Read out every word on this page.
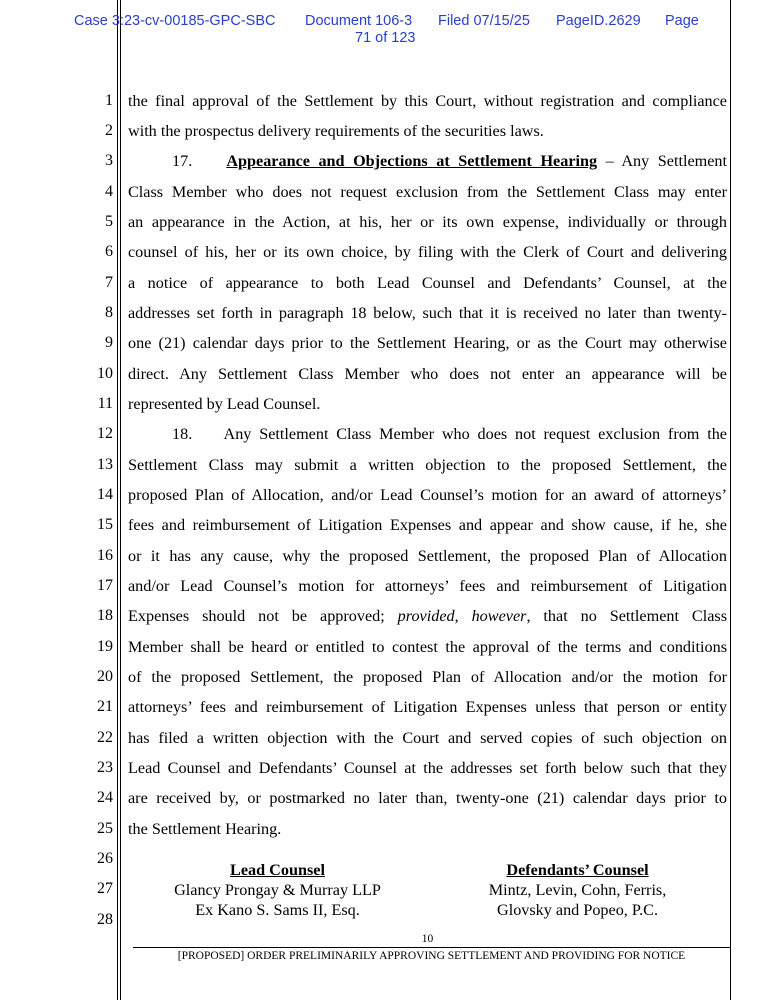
Case 3:23-cv-00185-GPC-SBC Document 106-3 Filed 07/15/25 PageID.2629 Page
71 of 123
1
2
3
4
5
6
7
8
9
10
11
12
13
14
15
16
17
18
19
20
21
22
23
24
25
26
27
28
the final approval of the Settlement by this Court, without registration and compliance
with the prospectus delivery requirements of the securities laws.
17. Appearance and Objections at Settlement Hearing – Any Settlement
Class Member who does not request exclusion from the Settlement Class may enter
an appearance in the Action, at his, her or its own expense, individually or through
counsel of his, her or its own choice, by filing with the Clerk of Court and delivering
a notice of appearance to both Lead Counsel and Defendants’ Counsel, at the
addresses set forth in paragraph 18 below, such that it is received no later than twenty-
one (21) calendar days prior to the Settlement Hearing, or as the Court may otherwise
direct. Any Settlement Class Member who does not enter an appearance will be
represented by Lead Counsel.
18. Any Settlement Class Member who does not request exclusion from the
Settlement Class may submit a written objection to the proposed Settlement, the
proposed Plan of Allocation, and/or Lead Counsel’s motion for an award of attorneys’
fees and reimbursement of Litigation Expenses and appear and show cause, if he, she
or it has any cause, why the proposed Settlement, the proposed Plan of Allocation
and/or Lead Counsel’s motion for attorneys’ fees and reimbursement of Litigation
Expenses should not be approved; provided, however, that no Settlement Class
Member shall be heard or entitled to contest the approval of the terms and conditions
of the proposed Settlement, the proposed Plan of Allocation and/or the motion for
attorneys’ fees and reimbursement of Litigation Expenses unless that person or entity
has filed a written objection with the Court and served copies of such objection on
Lead Counsel and Defendants’ Counsel at the addresses set forth below such that they
are received by, or postmarked no later than, twenty-one (21) calendar days prior to
the Settlement Hearing.
Lead Counsel
Glancy Prongay & Murray LLP
Ex Kano S. Sams II, Esq.
Defendants’ Counsel
Mintz, Levin, Cohn, Ferris,
Glovsky and Popeo, P.C.
10
[PROPOSED] ORDER PRELIMINARILY APPROVING SETTLEMENT AND PROVIDING FOR NOTICE
